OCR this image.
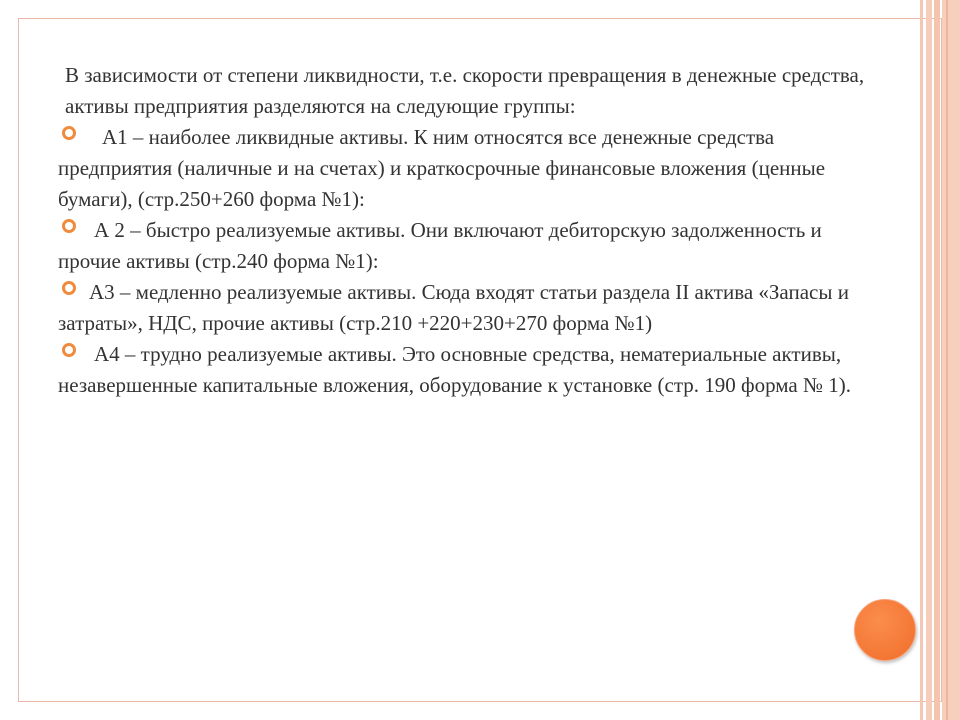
В зависимости от степени ликвидности, т.е. скорости превращения в денежные средства, активы предприятия разделяются на следующие группы:

А1 – наиболее ликвидные активы. К ним относятся все денежные средства предприятия (наличные и на счетах) и краткосрочные финансовые вложения (ценные бумаги), (стр.250+260 форма №1):
А 2 – быстро реализуемые активы. Они включают дебиторскую задолженность и прочие активы (стр.240 форма №1):
А3 – медленно реализуемые активы. Сюда входят статьи раздела II актива «Запасы и затраты», НДС, прочие активы (стр.210 +220+230+270 форма №1)
А4 – трудно реализуемые активы. Это основные средства, нематериальные активы, незавершенные капитальные вложения, оборудование к установке (стр. 190 форма № 1).
